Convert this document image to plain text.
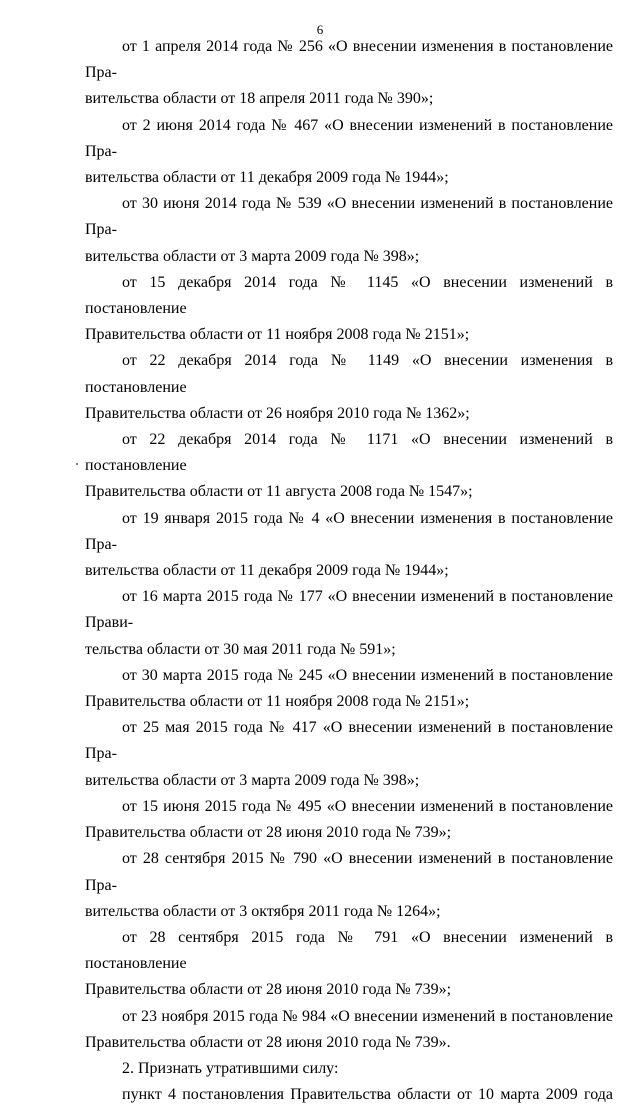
6

от 1 апреля 2014 года № 256 «О внесении изменения в постановление Пра-
вительства области от 18 апреля 2011 года № 390»;

от 2 июня 2014 года № 467 «О внесении изменений в постановление Пра-
вительства области от 11 декабря 2009 года № 1944»;

от 30 июня 2014 года № 539 «О внесении изменений в постановление Пра-
вительства области от 3 марта 2009 года № 398»;

от 15 декабря 2014 года № 1145 «О внесении изменений в постановление
Правительства области от 11 ноября 2008 года № 2151»;

от 22 декабря 2014 года № 1149 «О внесении изменения в постановление
Правительства области от 26 ноября 2010 года № 1362»;

от 22 декабря 2014 года № 1171 «О внесении изменений в постановление
Правительства области от 11 августа 2008 года № 1547»;

от 19 января 2015 года № 4 «О внесении изменения в постановление Пра-
вительства области от 11 декабря 2009 года № 1944»;

от 16 марта 2015 года № 177 «О внесении изменений в постановление Прави-
тельства области от 30 мая 2011 года № 591»;

от 30 марта 2015 года № 245 «О внесении изменений в постановление
Правительства области от 11 ноября 2008 года № 2151»;

от 25 мая 2015 года № 417 «О внесении изменений в постановление Пра-
вительства области от 3 марта 2009 года № 398»;

от 15 июня 2015 года № 495 «О внесении изменений в постановление
Правительства области от 28 июня 2010 года № 739»;

от 28 сентября 2015 № 790 «О внесении изменений в постановление Пра-
вительства области от 3 октября 2011 года № 1264»;

от 28 сентября 2015 года № 791 «О внесении изменений в постановление
Правительства области от 28 июня 2010 года № 739»;

от 23 ноября 2015 года № 984 «О внесении изменений в постановление
Правительства области от 28 июня 2010 года № 739».

2. Признать утратившими силу:

пункт 4 постановления Правительства области от 10 марта 2009 года
